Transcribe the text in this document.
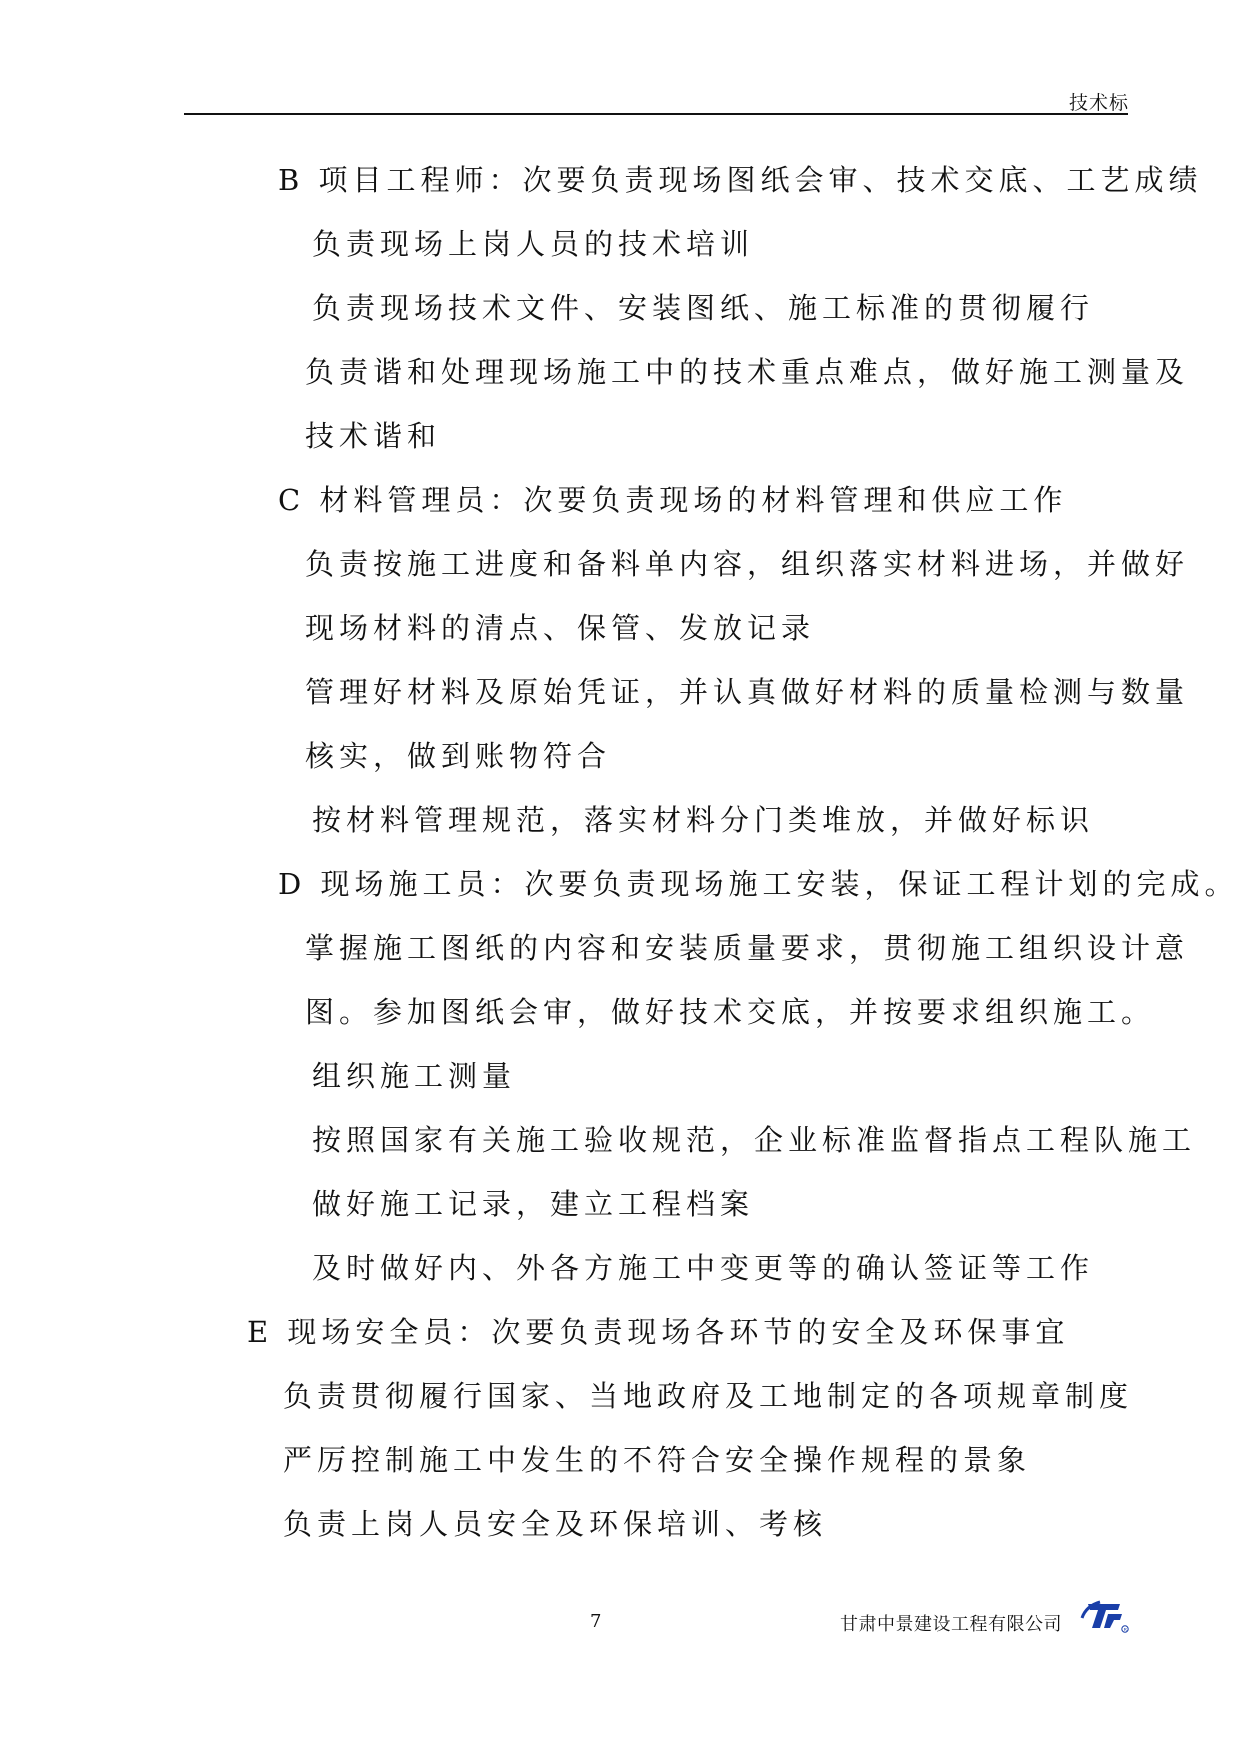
技术标
B 项目工程师：次要负责现场图纸会审、技术交底、工艺成绩
负责现场上岗人员的技术培训
负责现场技术文件、安装图纸、施工标准的贯彻履行
负责谐和处理现场施工中的技术重点难点，做好施工测量及
技术谐和
C 材料管理员：次要负责现场的材料管理和供应工作
负责按施工进度和备料单内容，组织落实材料进场，并做好
现场材料的清点、保管、发放记录
管理好材料及原始凭证，并认真做好材料的质量检测与数量
核实，做到账物符合
按材料管理规范，落实材料分门类堆放，并做好标识
D 现场施工员：次要负责现场施工安装，保证工程计划的完成。
掌握施工图纸的内容和安装质量要求，贯彻施工组织设计意
图。参加图纸会审，做好技术交底，并按要求组织施工。
组织施工测量
按照国家有关施工验收规范，企业标准监督指点工程队施工
做好施工记录，建立工程档案
及时做好内、外各方施工中变更等的确认签证等工作
E 现场安全员：次要负责现场各环节的安全及环保事宜
负责贯彻履行国家、当地政府及工地制定的各项规章制度
严厉控制施工中发生的不符合安全操作规程的景象
负责上岗人员安全及环保培训、考核
7	甘肃中景建设工程有限公司	R
